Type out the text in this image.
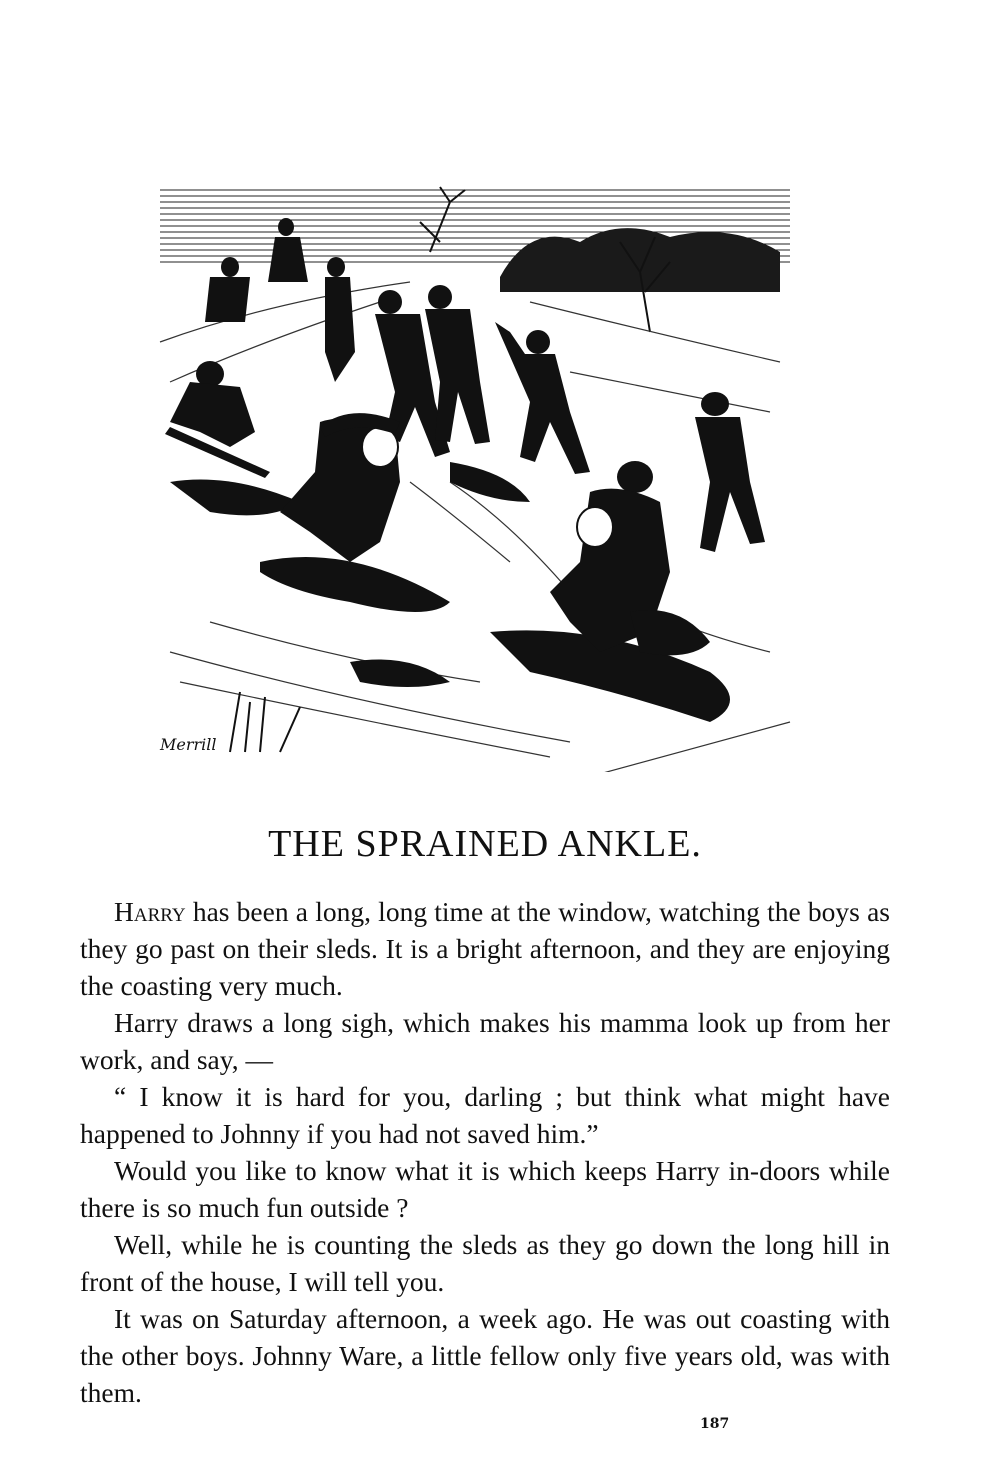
Merrill
THE SPRAINED ANKLE.

Harry has been a long, long time at the window, watching the boys as they go past on their sleds. It is a bright afternoon, and they are enjoying the coasting very much.

Harry draws a long sigh, which makes his mamma look up from her work, and say, —

“ I know it is hard for you, darling ; but think what might have happened to Johnny if you had not saved him.”

Would you like to know what it is which keeps Harry in-doors while there is so much fun outside ?

Well, while he is counting the sleds as they go down the long hill in front of the house, I will tell you.

It was on Saturday afternoon, a week ago. He was out coasting with the other boys. Johnny Ware, a little fellow only five years old, was with them.

187
